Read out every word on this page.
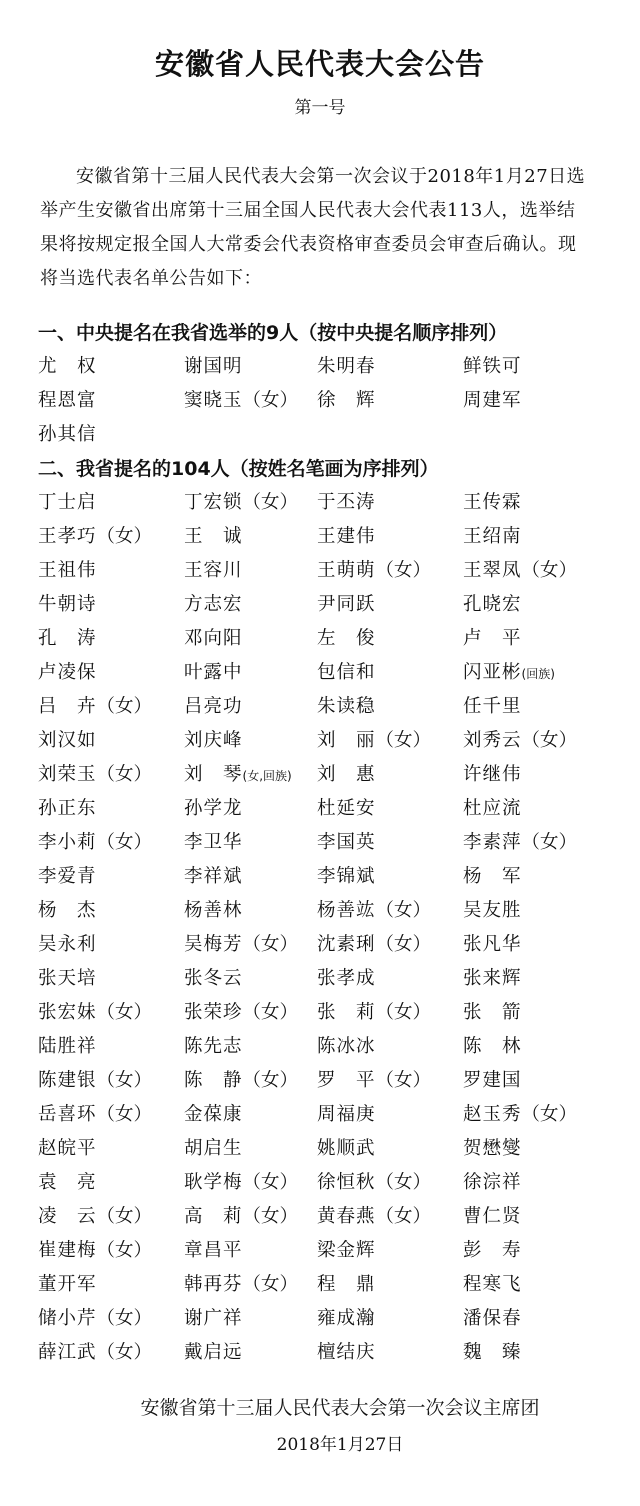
安徽省人民代表大会公告
第一号

安徽省第十三届人民代表大会第一次会议于2018年1月27日选

举产生安徽省出席第十三届全国人民代表大会代表113人，选举结

果将按规定报全国人大常委会代表资格审查委员会审查后确认。现

将当选代表名单公告如下：

一、中央提名在我省选举的9人（按中央提名顺序排列）
尤　权	谢国明	朱明春	鲜铁可
程恩富	窦晓玉（女）	徐　辉	周建军
孙其信
二、我省提名的104人（按姓名笔画为序排列）
丁士启	丁宏锁（女）	于丕涛	王传霖
王孝巧（女）	王　诚	王建伟	王绍南
王祖伟	王容川	王萌萌（女）	王翠凤（女）
牛朝诗	方志宏	尹同跃	孔晓宏
孔　涛	邓向阳	左　俊	卢　平
卢凌保	叶露中	包信和	闪亚彬(回族)
吕　卉（女）	吕亮功	朱读稳	任千里
刘汉如	刘庆峰	刘　丽（女）	刘秀云（女）
刘荣玉（女）	刘　琴(女,回族)	刘　惠	许继伟
孙正东	孙学龙	杜延安	杜应流
李小莉（女）	李卫华	李国英	李素萍（女）
李爱青	李祥斌	李锦斌	杨　军
杨　杰	杨善林	杨善竑（女）	吴友胜
吴永利	吴梅芳（女）	沈素琍（女）	张凡华
张天培	张冬云	张孝成	张来辉
张宏妹（女）	张荣珍（女）	张　莉（女）	张　箭
陆胜祥	陈先志	陈冰冰	陈　林
陈建银（女）	陈　静（女）	罗　平（女）	罗建国
岳喜环（女）	金葆康	周福庚	赵玉秀（女）
赵皖平	胡启生	姚顺武	贺懋燮
袁　亮	耿学梅（女）	徐恒秋（女）	徐淙祥
凌　云（女）	高　莉（女）	黄春燕（女）	曹仁贤
崔建梅（女）	章昌平	梁金辉	彭　寿
董开军	韩再芬（女）	程　鼎	程寒飞
储小芹（女）	谢广祥	雍成瀚	潘保春
薛江武（女）	戴启远	檀结庆	魏　臻
安徽省第十三届人民代表大会第一次会议主席团
2018年1月27日
